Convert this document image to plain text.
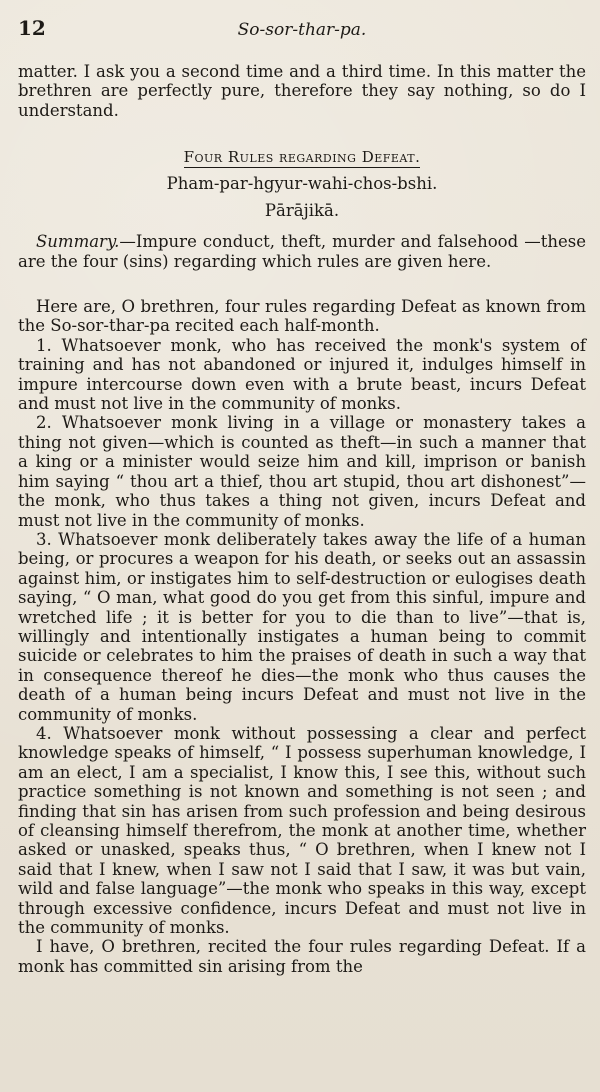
12	So-sor-thar-pa.

matter. I ask you a second time and a third time. In this matter the brethren are perfectly pure, therefore they say nothing, so do I understand.

Four Rules regarding Defeat.
Pham-par-hgyur-wahi-chos-bshi.
Pārājikā.

Summary.—Impure conduct, theft, murder and falsehood —these are the four (sins) regarding which rules are given here.

Here are, O brethren, four rules regarding Defeat as known from the So-sor-thar-pa recited each half-month.

1. Whatsoever monk, who has received the monk's system of training and has not abandoned or injured it, indulges himself in impure intercourse down even with a brute beast, incurs Defeat and must not live in the community of monks.

2. Whatsoever monk living in a village or monastery takes a thing not given—which is counted as theft—in such a manner that a king or a minister would seize him and kill, imprison or banish him saying “ thou art a thief, thou art stupid, thou art dishonest”—the monk, who thus takes a thing not given, incurs Defeat and must not live in the community of monks.

3. Whatsoever monk deliberately takes away the life of a human being, or procures a weapon for his death, or seeks out an assassin against him, or instigates him to self-destruction or eulogises death saying, “ O man, what good do you get from this sinful, impure and wretched life ; it is better for you to die than to live”—that is, willingly and intentionally instigates a human being to commit suicide or celebrates to him the praises of death in such a way that in consequence thereof he dies—the monk who thus causes the death of a human being incurs Defeat and must not live in the community of monks.

4. Whatsoever monk without possessing a clear and perfect knowledge speaks of himself, “ I possess superhuman knowledge, I am an elect, I am a specialist, I know this, I see this, without such practice something is not known and something is not seen ; and finding that sin has arisen from such profession and being desirous of cleansing himself therefrom, the monk at another time, whether asked or unasked, speaks thus, “ O brethren, when I knew not I said that I knew, when I saw not I said that I saw, it was but vain, wild and false language”—the monk who speaks in this way, except through excessive confidence, incurs Defeat and must not live in the community of monks.

I have, O brethren, recited the four rules regarding Defeat. If a monk has committed sin arising from the
